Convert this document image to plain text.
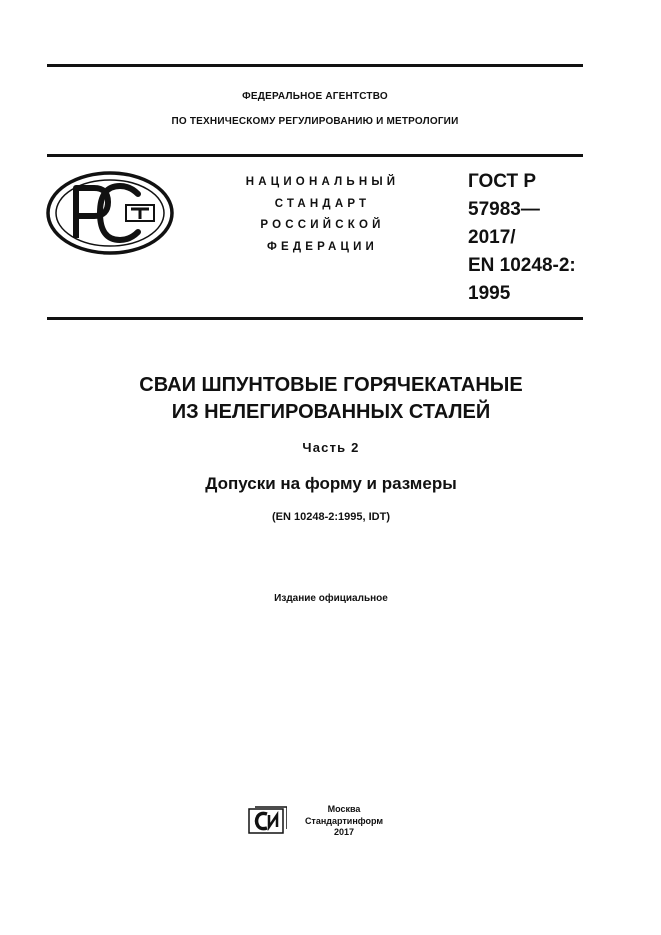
ФЕДЕРАЛЬНОЕ АГЕНТСТВО
ПО ТЕХНИЧЕСКОМУ РЕГУЛИРОВАНИЮ И МЕТРОЛОГИИ
НАЦИОНАЛЬНЫЙ
СТАНДАРТ
РОССИЙСКОЙ
ФЕДЕРАЦИИ
ГОСТ Р
57983—
2017/
EN 10248-2:
1995
СВАИ ШПУНТОВЫЕ ГОРЯЧЕКАТАНЫЕ
ИЗ НЕЛЕГИРОВАННЫХ СТАЛЕЙ
Часть 2
Допуски на форму и размеры
(EN 10248-2:1995, IDT)
Издание официальное
Москва
Стандартинформ
2017
